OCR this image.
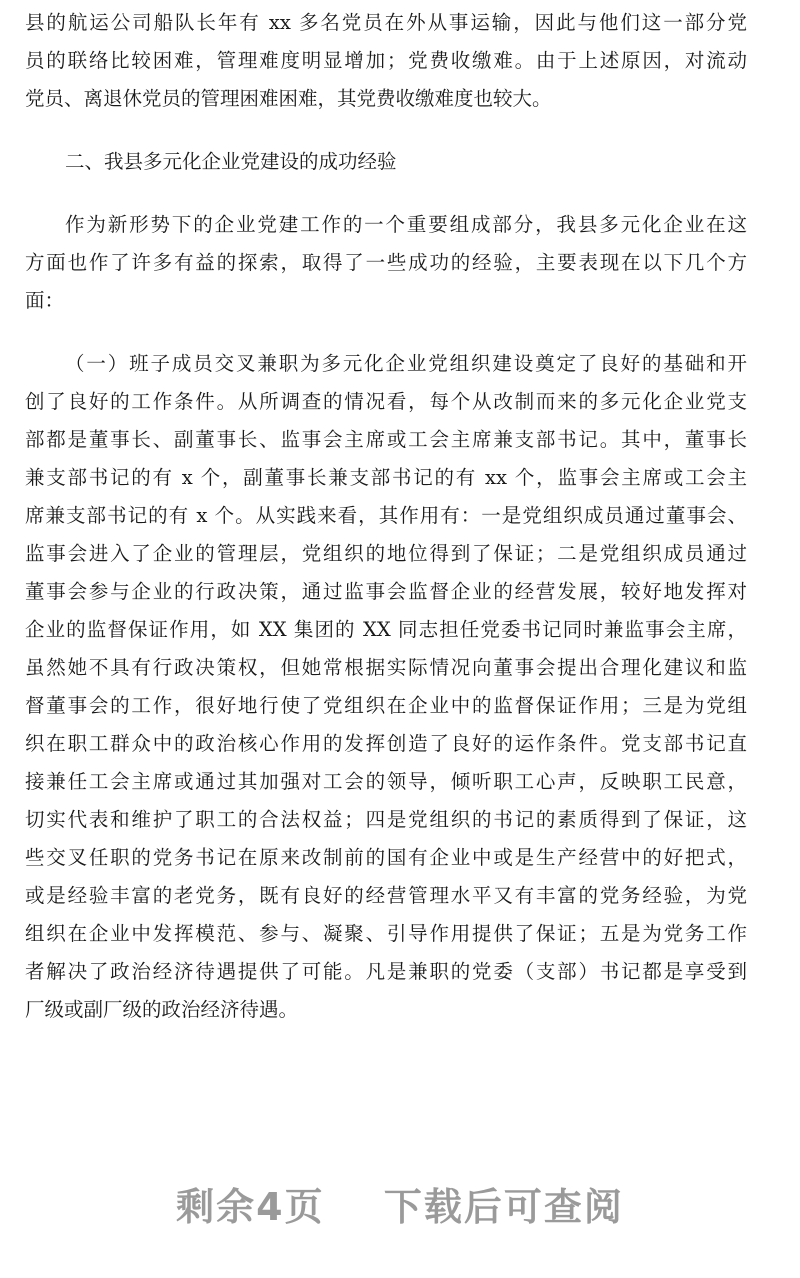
县的航运公司船队长年有 xx 多名党员在外从事运输，因此与他们这一部分党
员的联络比较困难，管理难度明显增加；党费收缴难。由于上述原因，对流动
党员、离退休党员的管理困难困难，其党费收缴难度也较大。
二、我县多元化企业党建设的成功经验
作为新形势下的企业党建工作的一个重要组成部分，我县多元化企业在这
方面也作了许多有益的探索，取得了一些成功的经验，主要表现在以下几个方
面：
（一）班子成员交叉兼职为多元化企业党组织建设奠定了良好的基础和开
创了良好的工作条件。从所调查的情况看，每个从改制而来的多元化企业党支
部都是董事长、副董事长、监事会主席或工会主席兼支部书记。其中，董事长
兼支部书记的有 x 个，副董事长兼支部书记的有 xx 个，监事会主席或工会主
席兼支部书记的有 x 个。从实践来看，其作用有：一是党组织成员通过董事会、
监事会进入了企业的管理层，党组织的地位得到了保证；二是党组织成员通过
董事会参与企业的行政决策，通过监事会监督企业的经营发展，较好地发挥对
企业的监督保证作用，如 XX 集团的 XX 同志担任党委书记同时兼监事会主席，
虽然她不具有行政决策权，但她常根据实际情况向董事会提出合理化建议和监
督董事会的工作，很好地行使了党组织在企业中的监督保证作用；三是为党组
织在职工群众中的政治核心作用的发挥创造了良好的运作条件。党支部书记直
接兼任工会主席或通过其加强对工会的领导，倾听职工心声，反映职工民意，
切实代表和维护了职工的合法权益；四是党组织的书记的素质得到了保证，这
些交叉任职的党务书记在原来改制前的国有企业中或是生产经营中的好把式，
或是经验丰富的老党务，既有良好的经营管理水平又有丰富的党务经验，为党
组织在企业中发挥模范、参与、凝聚、引导作用提供了保证；五是为党务工作
者解决了政治经济待遇提供了可能。凡是兼职的党委（支部）书记都是享受到
厂级或副厂级的政治经济待遇。
剩余4页 下载后可查阅
